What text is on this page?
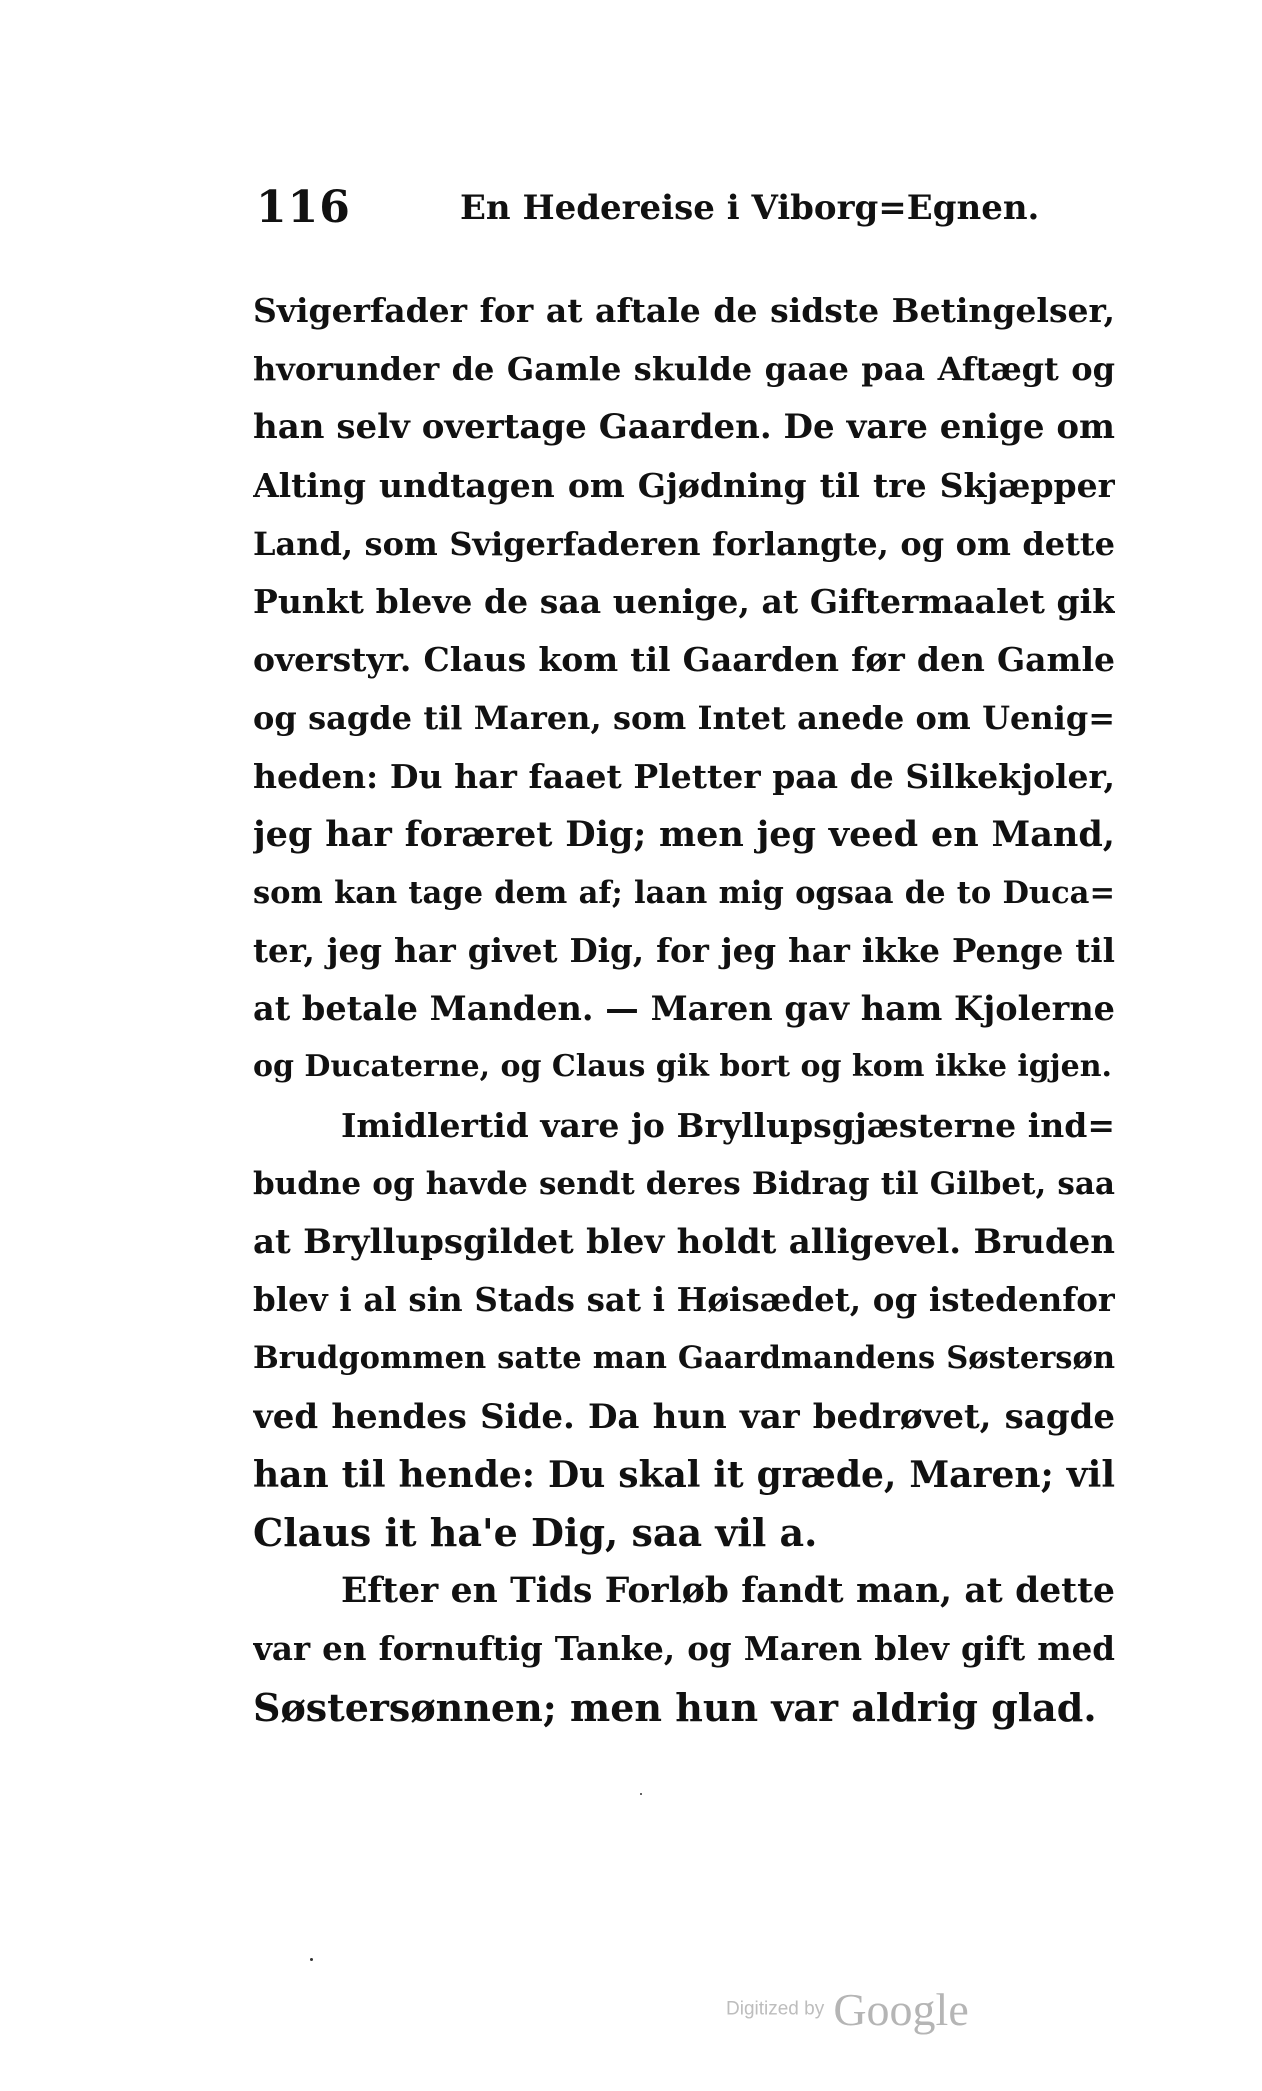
116	En Hedereise i Viborg=Egnen.
Svigerfader for at aftale de sidste Betingelser,
hvorunder de Gamle skulde gaae paa Aftægt og
han selv overtage Gaarden. De vare enige om
Alting undtagen om Gjødning til tre Skjæpper
Land, som Svigerfaderen forlangte, og om dette
Punkt bleve de saa uenige, at Giftermaalet gik
overstyr. Claus kom til Gaarden før den Gamle
og sagde til Maren, som Intet anede om Uenig=
heden: Du har faaet Pletter paa de Silkekjoler,
jeg har foræret Dig; men jeg veed en Mand,
som kan tage dem af; laan mig ogsaa de to Duca=
ter, jeg har givet Dig, for jeg har ikke Penge til
at betale Manden. — Maren gav ham Kjolerne
og Ducaterne, og Claus gik bort og kom ikke igjen.
Imidlertid vare jo Bryllupsgjæsterne ind=
budne og havde sendt deres Bidrag til Gilbet, saa
at Bryllupsgildet blev holdt alligevel. Bruden
blev i al sin Stads sat i Høisædet, og istedenfor
Brudgommen satte man Gaardmandens Søstersøn
ved hendes Side. Da hun var bedrøvet, sagde
han til hende: Du skal it græde, Maren; vil
Claus it ha'e Dig, saa vil a.
Efter en Tids Forløb fandt man, at dette
var en fornuftig Tanke, og Maren blev gift med
Søstersønnen; men hun var aldrig glad.
Digitized by Google
